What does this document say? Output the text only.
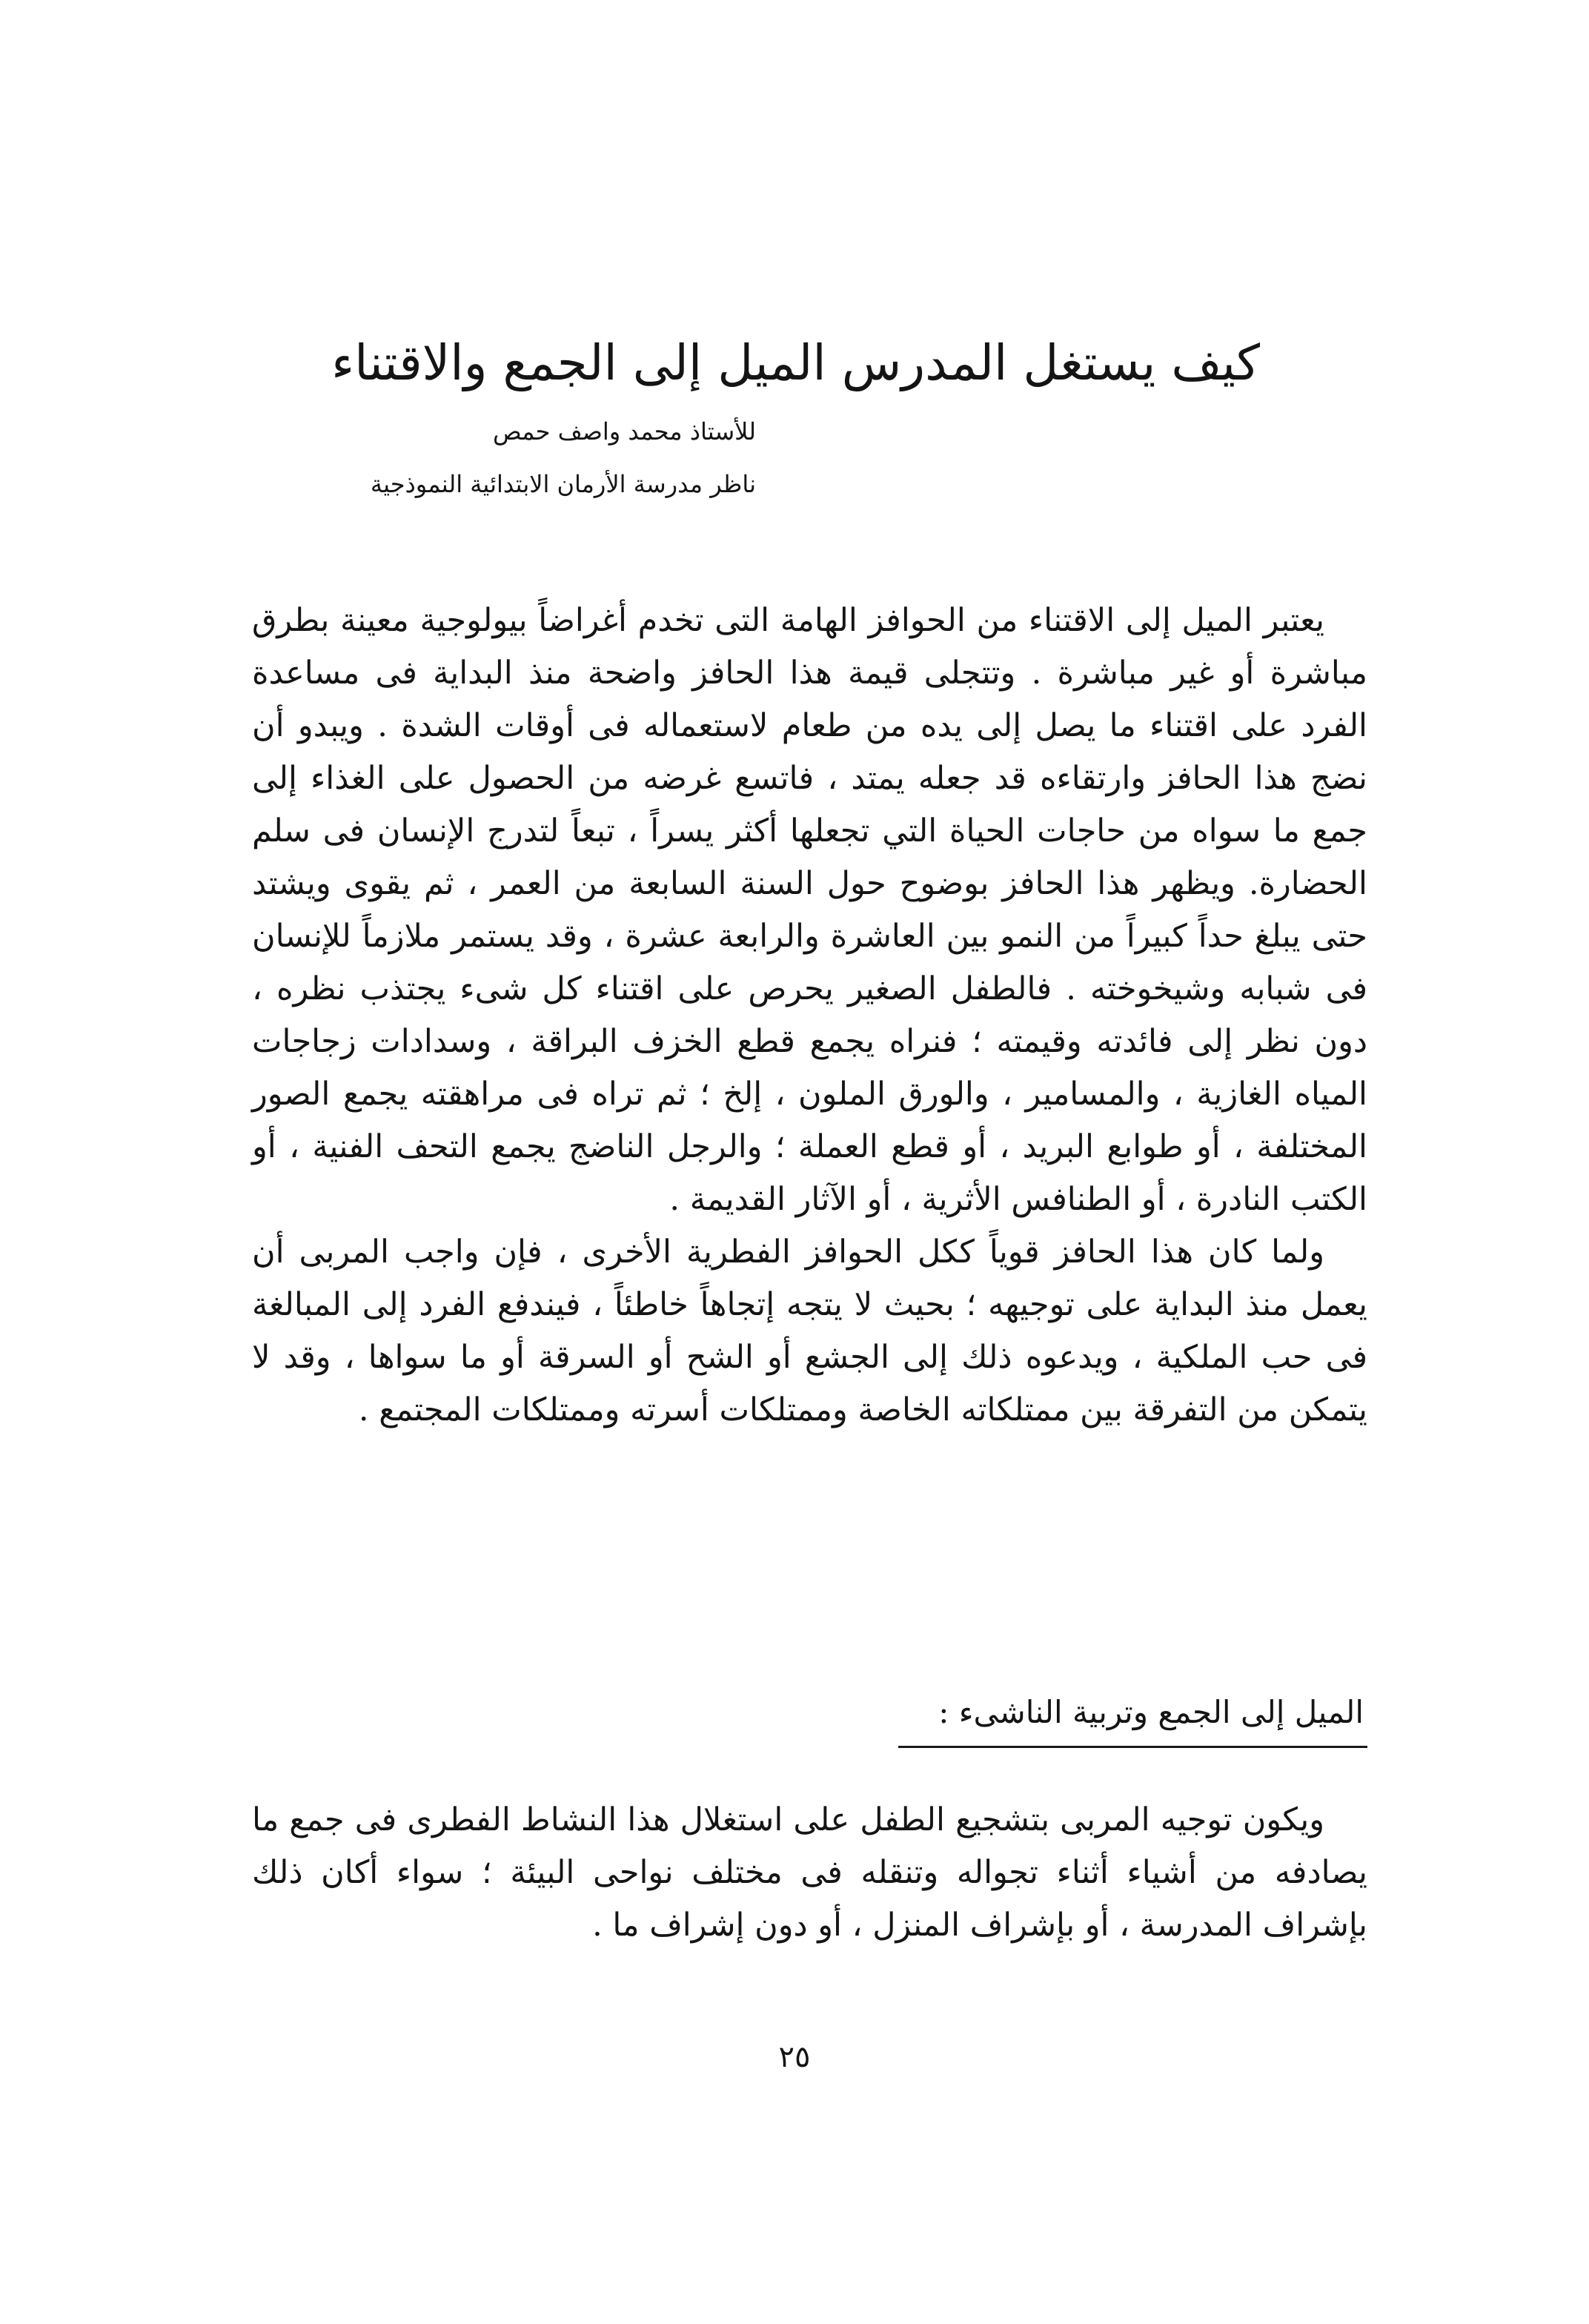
كيف يستغل المدرس الميل إلى الجمع والاقتناء

للأستاذ محمد واصف حمص

ناظر مدرسة الأرمان الابتدائية النموذجية

يعتبر الميل إلى الاقتناء من الحوافز الهامة التى تخدم أغراضاً بيولوجية معينة بطرق مباشرة أو غير مباشرة . وتتجلى قيمة هذا الحافز واضحة منذ البداية فى مساعدة الفرد على اقتناء ما يصل إلى يده من طعام لاستعماله فى أوقات الشدة . ويبدو أن نضج هذا الحافز وارتقاءه قد جعله يمتد ، فاتسع غرضه من الحصول على الغذاء إلى جمع ما سواه من حاجات الحياة التي تجعلها أكثر يسراً ، تبعاً لتدرج الإنسان فى سلم الحضارة. ويظهر هذا الحافز بوضوح حول السنة السابعة من العمر ، ثم يقوى ويشتد حتى يبلغ حداً كبيراً من النمو بين العاشرة والرابعة عشرة ، وقد يستمر ملازماً للإنسان فى شبابه وشيخوخته . فالطفل الصغير يحرص على اقتناء كل شىء يجتذب نظره ، دون نظر إلى فائدته وقيمته ؛ فنراه يجمع قطع الخزف البراقة ، وسدادات زجاجات المياه الغازية ، والمسامير ، والورق الملون ، إلخ ؛ ثم تراه فى مراهقته يجمع الصور المختلفة ، أو طوابع البريد ، أو قطع العملة ؛ والرجل الناضج يجمع التحف الفنية ، أو الكتب النادرة ، أو الطنافس الأثرية ، أو الآثار القديمة .

ولما كان هذا الحافز قوياً ككل الحوافز الفطرية الأخرى ، فإن واجب المربى أن يعمل منذ البداية على توجيهه ؛ بحيث لا يتجه إتجاهاً خاطئاً ، فيندفع الفرد إلى المبالغة فى حب الملكية ، ويدعوه ذلك إلى الجشع أو الشح أو السرقة أو ما سواها ، وقد لا يتمكن من التفرقة بين ممتلكاته الخاصة وممتلكات أسرته وممتلكات المجتمع .

الميل إلى الجمع وتربية الناشىء :

ويكون توجيه المربى بتشجيع الطفل على استغلال هذا النشاط الفطرى فى جمع ما يصادفه من أشياء أثناء تجواله وتنقله فى مختلف نواحى البيئة ؛ سواء أكان ذلك بإشراف المدرسة ، أو بإشراف المنزل ، أو دون إشراف ما .

٢٥
